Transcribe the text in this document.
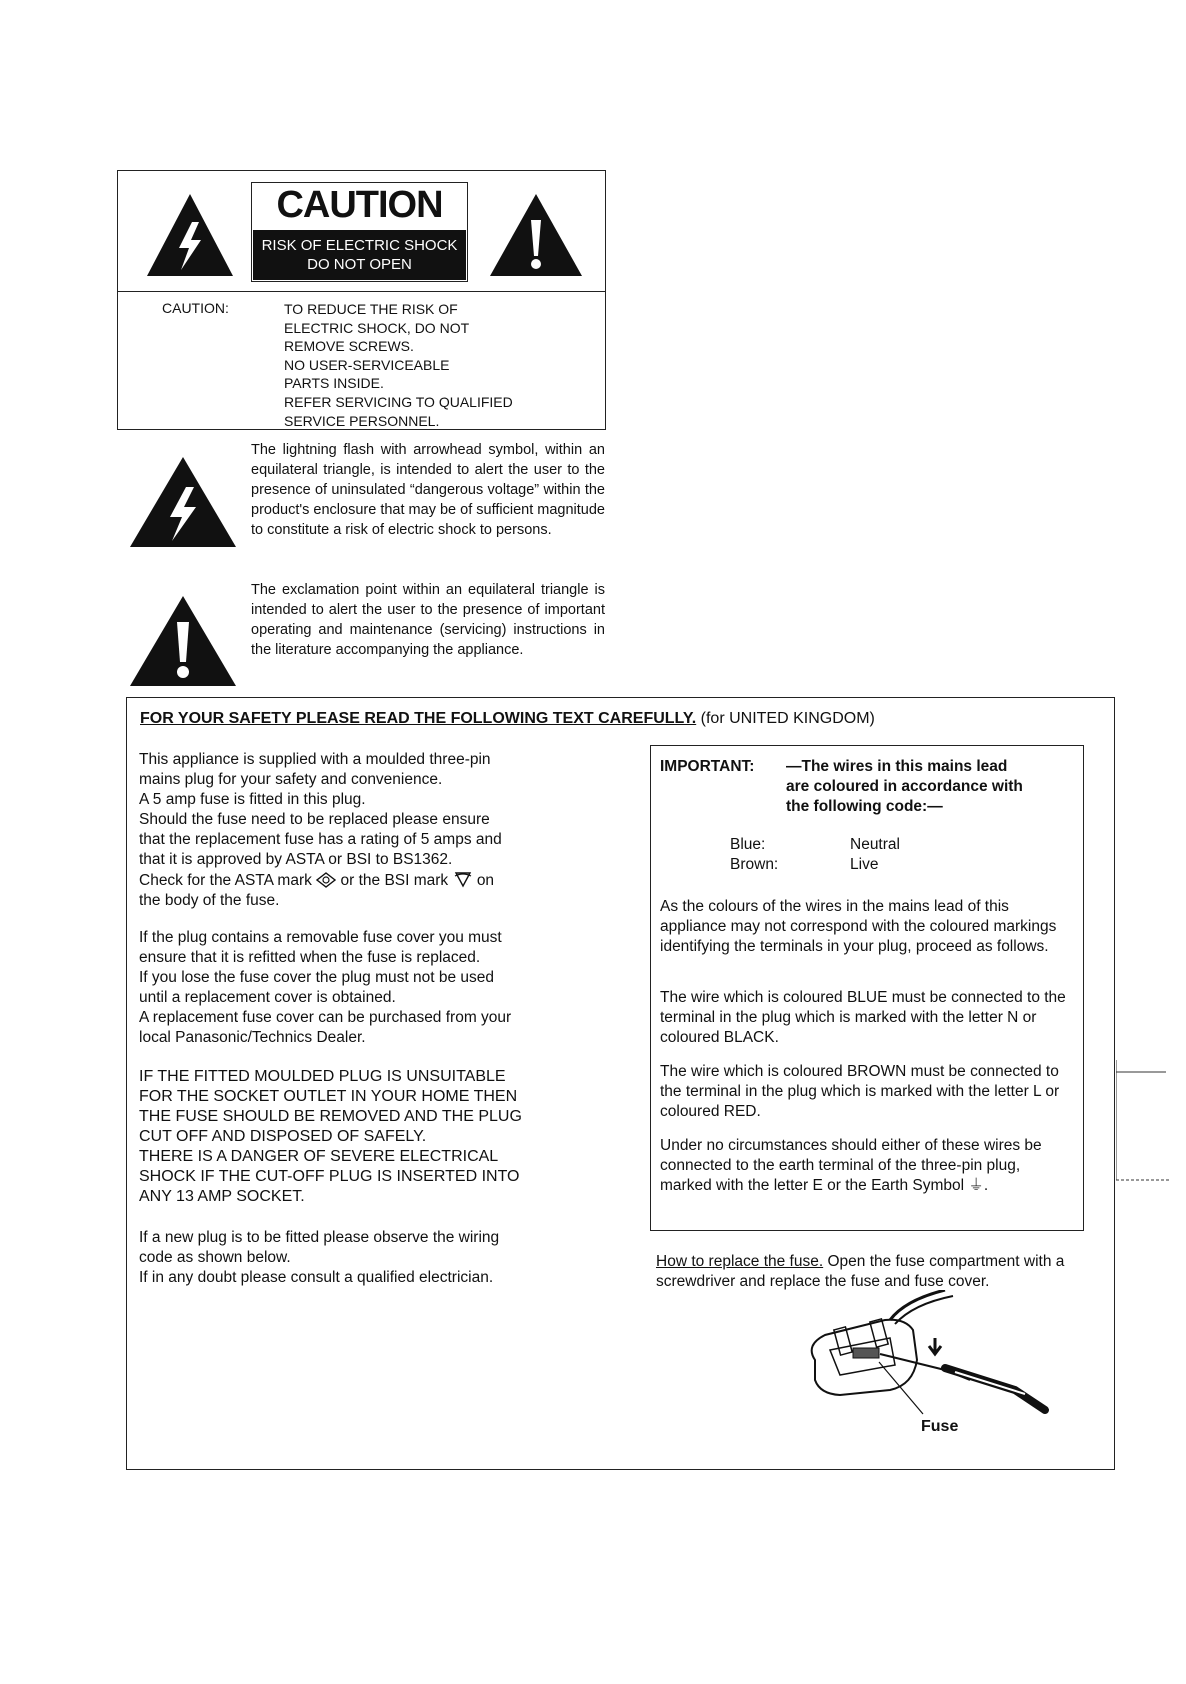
CAUTION
RISK OF ELECTRIC SHOCK
DO NOT OPEN
CAUTION:	TO REDUCE THE RISK OF
ELECTRIC SHOCK, DO NOT
REMOVE SCREWS.
NO USER-SERVICEABLE
PARTS INSIDE.
REFER SERVICING TO QUALIFIED
SERVICE PERSONNEL.
The lightning flash with arrowhead symbol, within an equilateral triangle, is intended to alert the user to the presence of uninsulated “dangerous voltage” within the product's enclosure that may be of sufficient magnitude to constitute a risk of electric shock to persons.
The exclamation point within an equilateral triangle is intended to alert the user to the presence of important operating and maintenance (servicing) instructions in the literature accompanying the appliance.
FOR YOUR SAFETY PLEASE READ THE FOLLOWING TEXT CAREFULLY. (for UNITED KINGDOM)
This appliance is supplied with a moulded three-pin
mains plug for your safety and convenience.
A 5 amp fuse is fitted in this plug.
Should the fuse need to be replaced please ensure
that the replacement fuse has a rating of 5 amps and
that it is approved by ASTA or BSI to BS1362.
Check for the ASTA mark or the BSI mark on
the body of the fuse.
If the plug contains a removable fuse cover you must
ensure that it is refitted when the fuse is replaced.
If you lose the fuse cover the plug must not be used
until a replacement cover is obtained.
A replacement fuse cover can be purchased from your
local Panasonic/Technics Dealer.
IF THE FITTED MOULDED PLUG IS UNSUITABLE
FOR THE SOCKET OUTLET IN YOUR HOME THEN
THE FUSE SHOULD BE REMOVED AND THE PLUG
CUT OFF AND DISPOSED OF SAFELY.
THERE IS A DANGER OF SEVERE ELECTRICAL
SHOCK IF THE CUT-OFF PLUG IS INSERTED INTO
ANY 13 AMP SOCKET.
If a new plug is to be fitted please observe the wiring
code as shown below.
If in any doubt please consult a qualified electrician.
IMPORTANT: —The wires in this mains lead
are coloured in accordance with
the following code:—
Blue:	Neutral
Brown:	Live
As the colours of the wires in the mains lead of this appliance may not correspond with the coloured markings identifying the terminals in your plug, proceed as follows.
The wire which is coloured BLUE must be connected to the terminal in the plug which is marked with the letter N or coloured BLACK.
The wire which is coloured BROWN must be connected to the terminal in the plug which is marked with the letter L or coloured RED.
Under no circumstances should either of these wires be connected to the earth terminal of the three-pin plug, marked with the letter E or the Earth Symbol ⏚.
How to replace the fuse. Open the fuse compartment with a screwdriver and replace the fuse and fuse cover.
Fuse
